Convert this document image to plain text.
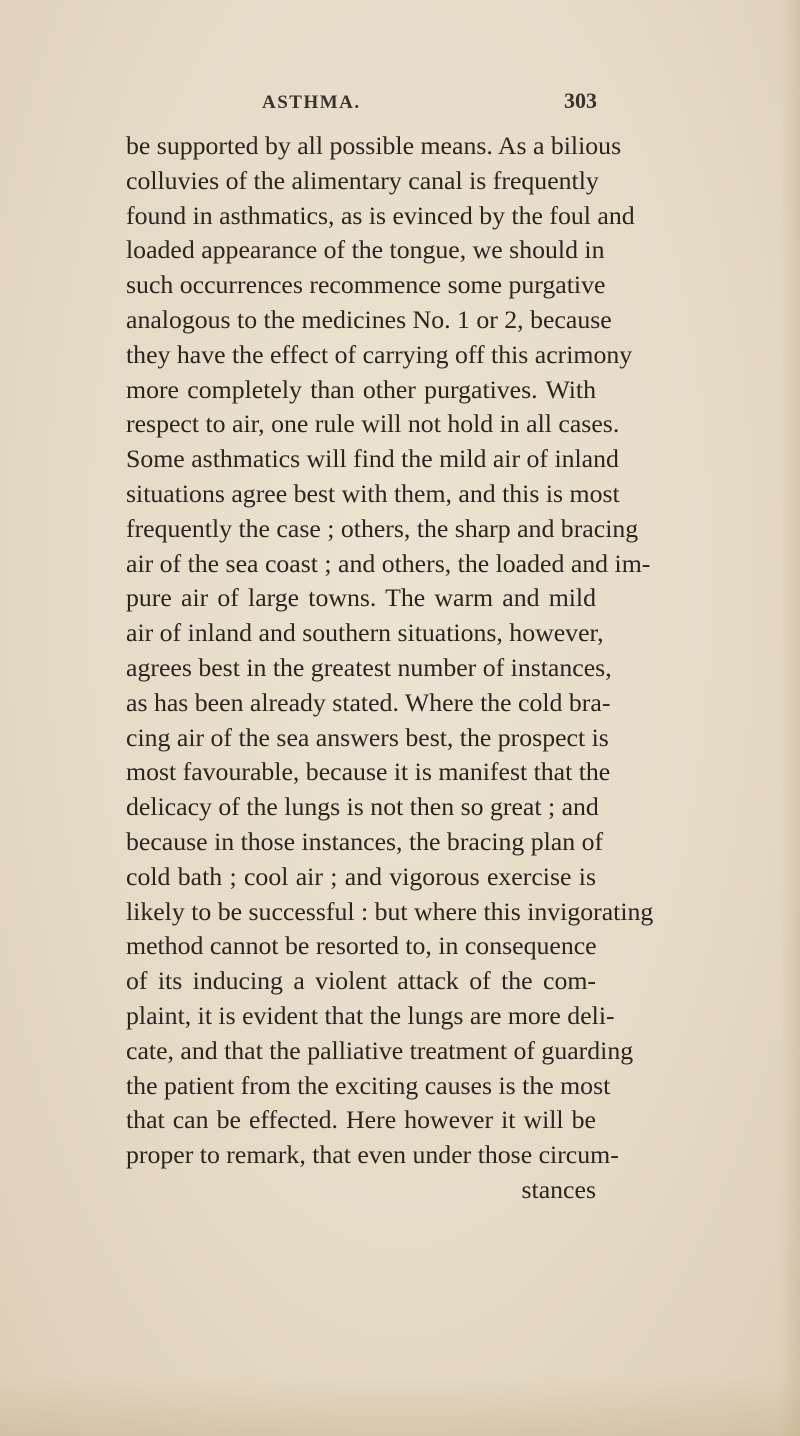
ASTHMA.	303
be supported by all possible means. As a bilious
colluvies of the alimentary canal is frequently
found in asthmatics, as is evinced by the foul and
loaded appearance of the tongue, we should in
such occurrences recommence some purgative
analogous to the medicines No. 1 or 2, because
they have the effect of carrying off this acrimony
more completely than other purgatives. With
respect to air, one rule will not hold in all cases.
Some asthmatics will find the mild air of inland
situations agree best with them, and this is most
frequently the case ; others, the sharp and bracing
air of the sea coast ; and others, the loaded and im-
pure air of large towns. The warm and mild
air of inland and southern situations, however,
agrees best in the greatest number of instances,
as has been already stated. Where the cold bra-
cing air of the sea answers best, the prospect is
most favourable, because it is manifest that the
delicacy of the lungs is not then so great ; and
because in those instances, the bracing plan of
cold bath ; cool air ; and vigorous exercise is
likely to be successful : but where this invigorating
method cannot be resorted to, in consequence
of its inducing a violent attack of the com-
plaint, it is evident that the lungs are more deli-
cate, and that the palliative treatment of guarding
the patient from the exciting causes is the most
that can be effected. Here however it will be
proper to remark, that even under those circum-
stances
